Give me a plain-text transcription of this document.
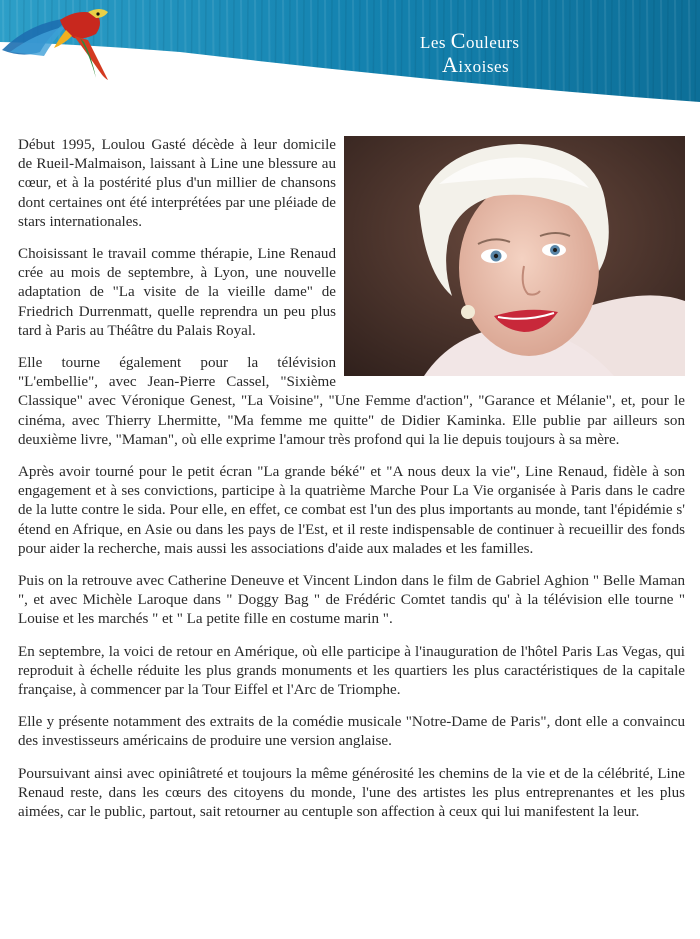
Les Couleurs
Aixoises

Début 1995, Loulou Gasté décède à leur domicile de Rueil-Malmaison, laissant à Line une blessure au cœur, et à la postérité plus d'un millier de chansons dont certaines ont été interprétées par une pléiade de stars internationales.

Choisissant le travail comme thérapie, Line Renaud crée au mois de septembre, à Lyon, une nouvelle adaptation de "La visite de la vieille dame" de Friedrich Durrenmatt, quelle reprendra un peu plus tard à Paris au Théâtre du Palais Royal.

Elle tourne également pour la télévision "L'embellie", avec Jean-Pierre Cassel, "Sixième Classique" avec Véronique Genest, "La Voisine", "Une Femme d'action", "Garance et Mélanie", et, pour le cinéma, avec Thierry Lhermitte, "Ma femme me quitte" de Didier Kaminka. Elle publie par ailleurs son deuxième livre, "Maman", où elle exprime l'amour très profond qui la lie depuis toujours à sa mère.

Après avoir tourné pour le petit écran "La grande béké" et "A nous deux la vie", Line Renaud, fidèle à son engagement et à ses convictions, participe à la quatrième Marche Pour La Vie organisée à Paris dans le cadre de la lutte contre le sida. Pour elle, en effet, ce combat est l'un des plus importants au monde, tant l'épidémie s' étend en Afrique, en Asie ou dans les pays de l'Est, et il reste indispensable de continuer à recueillir des fonds pour aider la recherche, mais aussi les associations d'aide aux malades et les familles.

Puis on la retrouve avec Catherine Deneuve et Vincent Lindon dans le film de Gabriel Aghion " Belle Maman ", et avec Michèle Laroque dans " Doggy Bag " de Frédéric Comtet tandis qu' à la télévision elle tourne " Louise et les marchés " et " La petite fille en costume marin ".

En septembre, la voici de retour en Amérique, où elle participe à l'inauguration de l'hôtel Paris Las Vegas, qui reproduit à échelle réduite les plus grands monuments et les quartiers les plus caractéristiques de la capitale française, à commencer par la Tour Eiffel et l'Arc de Triomphe.

Elle y présente notamment des extraits de la comédie musicale "Notre-Dame de Paris", dont elle a convaincu des investisseurs américains de produire une version anglaise.

Poursuivant ainsi avec opiniâtreté et toujours la même générosité les chemins de la vie et de la célébrité, Line Renaud reste, dans les cœurs des citoyens du monde, l'une des artistes les plus entreprenantes et les plus aimées, car le public, partout, sait retourner au centuple son affection à ceux qui lui manifestent la leur.
